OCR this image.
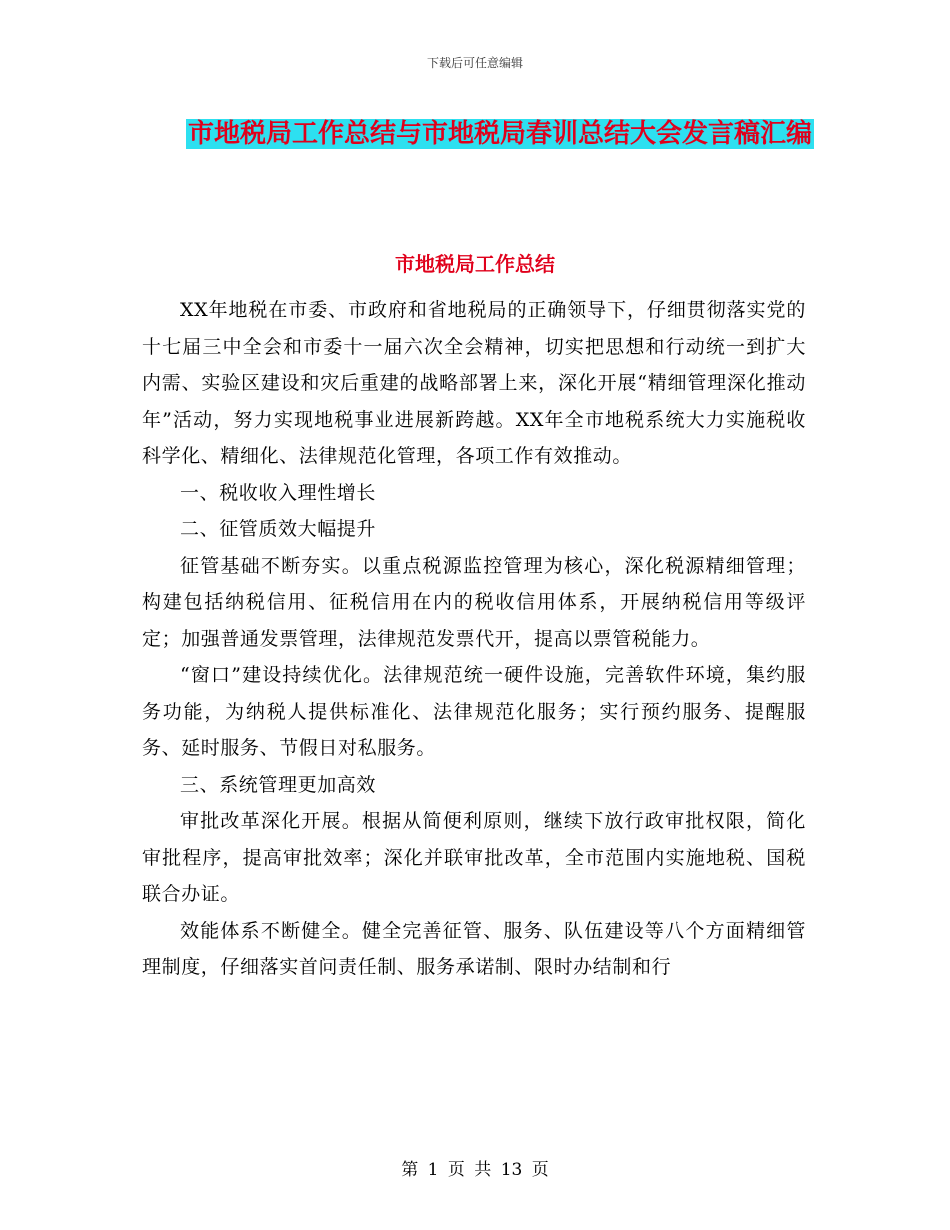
下载后可任意编辑
市地税局工作总结与市地税局春训总结大会发言稿汇编
市地税局工作总结

XX年地税在市委、市政府和省地税局的正确领导下，仔细贯彻落实党的十七届三中全会和市委十一届六次全会精神，切实把思想和行动统一到扩大内需、实验区建设和灾后重建的战略部署上来，深化开展“精细管理深化推动年”活动，努力实现地税事业进展新跨越。XX年全市地税系统大力实施税收科学化、精细化、法律规范化管理，各项工作有效推动。

一、税收收入理性增长

二、征管质效大幅提升

征管基础不断夯实。以重点税源监控管理为核心，深化税源精细管理；构建包括纳税信用、征税信用在内的税收信用体系，开展纳税信用等级评定；加强普通发票管理，法律规范发票代开，提高以票管税能力。

“窗口”建设持续优化。法律规范统一硬件设施，完善软件环境，集约服务功能，为纳税人提供标准化、法律规范化服务；实行预约服务、提醒服务、延时服务、节假日对私服务。

三、系统管理更加高效

审批改革深化开展。根据从简便利原则，继续下放行政审批权限，简化审批程序，提高审批效率；深化并联审批改革，全市范围内实施地税、国税联合办证。

效能体系不断健全。健全完善征管、服务、队伍建设等八个方面精细管理制度，仔细落实首问责任制、服务承诺制、限时办结制和行

第 1 页 共 13 页
